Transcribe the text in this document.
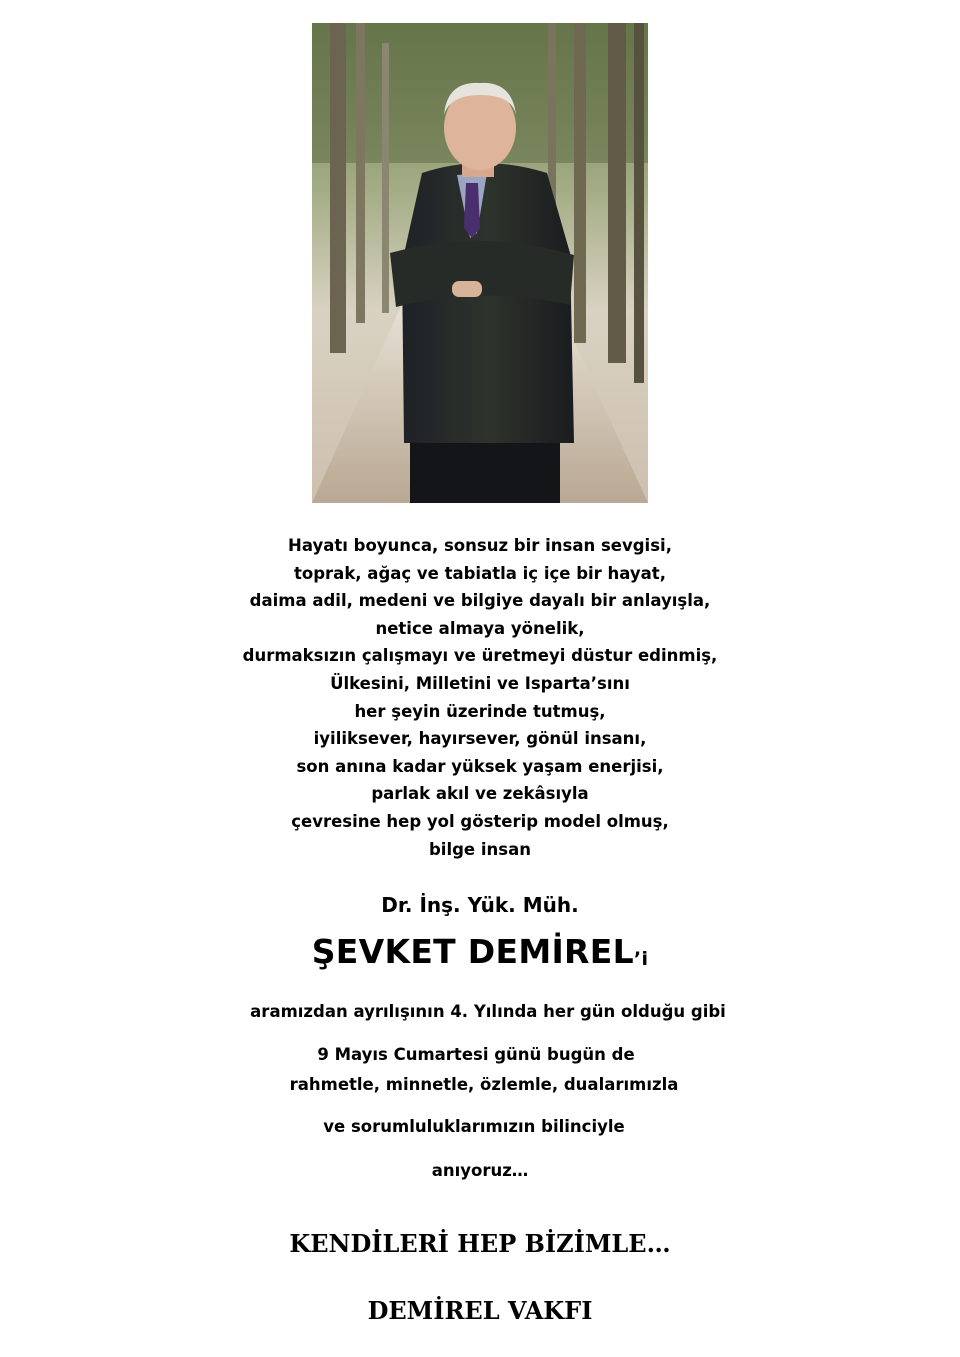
Hayatı boyunca, sonsuz bir insan sevgisi,
toprak, ağaç ve tabiatla iç içe bir hayat,
daima adil, medeni ve bilgiye dayalı bir anlayışla,
netice almaya yönelik,
durmaksızın çalışmayı ve üretmeyi düstur edinmiş,
Ülkesini, Milletini ve Isparta’sını
her şeyin üzerinde tutmuş,
iyiliksever, hayırsever, gönül insanı,
son anına kadar yüksek yaşam enerjisi,
parlak akıl ve zekâsıyla
çevresine hep yol gösterip model olmuş,
bilge insan
Dr. İnş. Yük. Müh.
ŞEVKET DEMİREL’i
aramızdan ayrılışının 4. Yılında her gün olduğu gibi
9 Mayıs Cumartesi günü bugün de
rahmetle, minnetle, özlemle, dualarımızla
ve sorumluluklarımızın bilinciyle
anıyoruz…
KENDİLERİ HEP BİZİMLE…
DEMİREL VAKFI
